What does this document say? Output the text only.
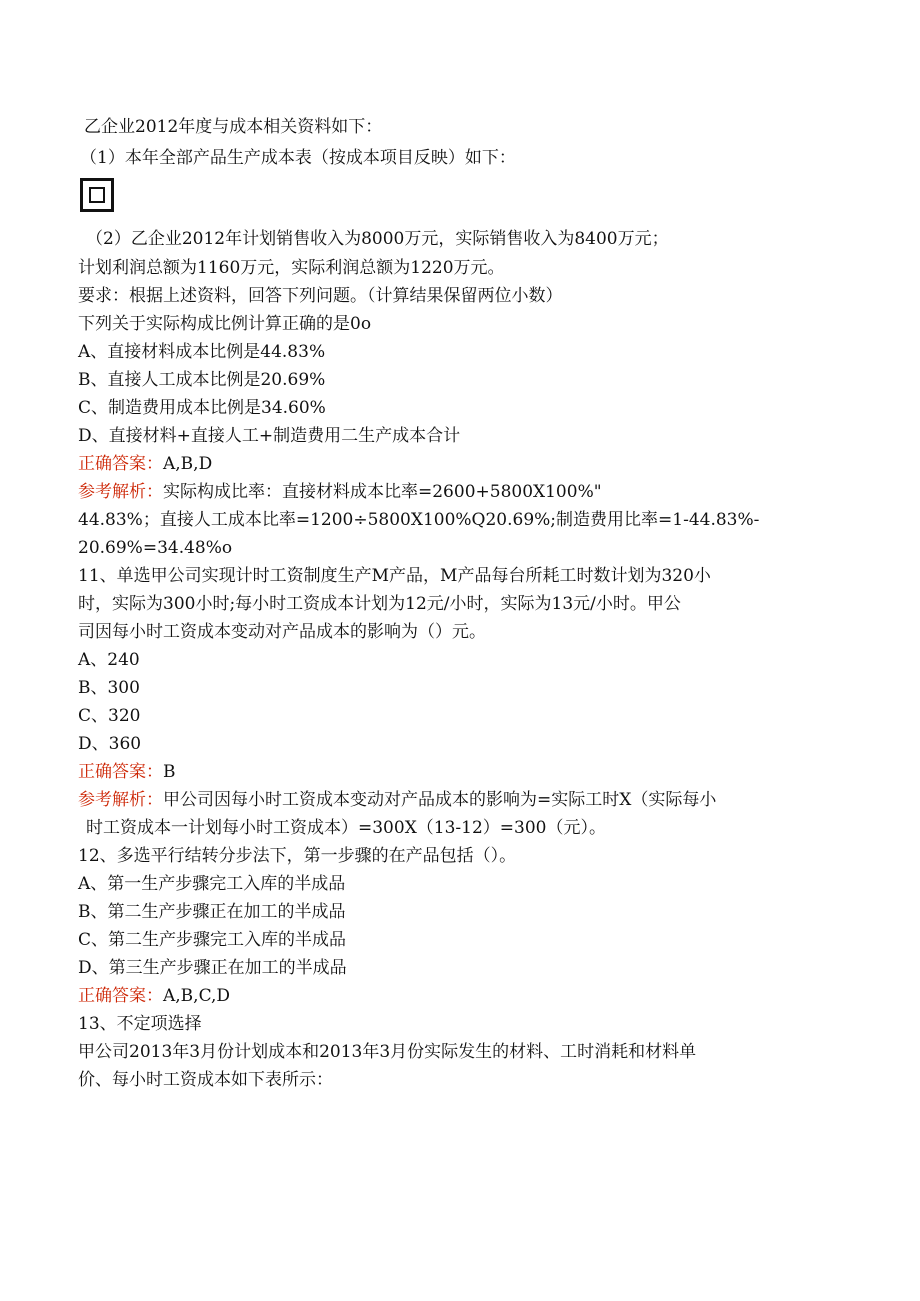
乙企业2012年度与成本相关资料如下：
（1）本年全部产品生产成本表（按成本项目反映）如下：
（2）乙企业2012年计划销售收入为8000万元，实际销售收入为8400万元；
计划利润总额为1160万元，实际利润总额为1220万元。
要求：根据上述资料，回答下列问题。（计算结果保留两位小数）
下列关于实际构成比例计算正确的是0o
A、直接材料成本比例是44.83%
B、直接人工成本比例是20.69%
C、制造费用成本比例是34.60%
D、直接材料+直接人工+制造费用二生产成本合计
正确答案：A,B,D
参考解析：实际构成比率：直接材料成本比率=2600+5800X100%"
44.83%；直接人工成本比率=1200÷5800X100%Q20.69%;制造费用比率=1-44.83%-
20.69%=34.48%o
11、单选甲公司实现计时工资制度生产M产品，M产品每台所耗工时数计划为320小
时，实际为300小时;每小时工资成本计划为12元/小时，实际为13元/小时。甲公
司因每小时工资成本变动对产品成本的影响为（）元。
A、240
B、300
C、320
D、360
正确答案：B
参考解析：甲公司因每小时工资成本变动对产品成本的影响为=实际工时X（实际每小
时工资成本一计划每小时工资成本）=300X（13-12）=300（元）。
12、多选平行结转分步法下，第一步骤的在产品包括（）。
A、第一生产步骤完工入库的半成品
B、第二生产步骤正在加工的半成品
C、第二生产步骤完工入库的半成品
D、第三生产步骤正在加工的半成品
正确答案：A,B,C,D
13、不定项选择
甲公司2013年3月份计划成本和2013年3月份实际发生的材料、工时消耗和材料单
价、每小时工资成本如下表所示：
